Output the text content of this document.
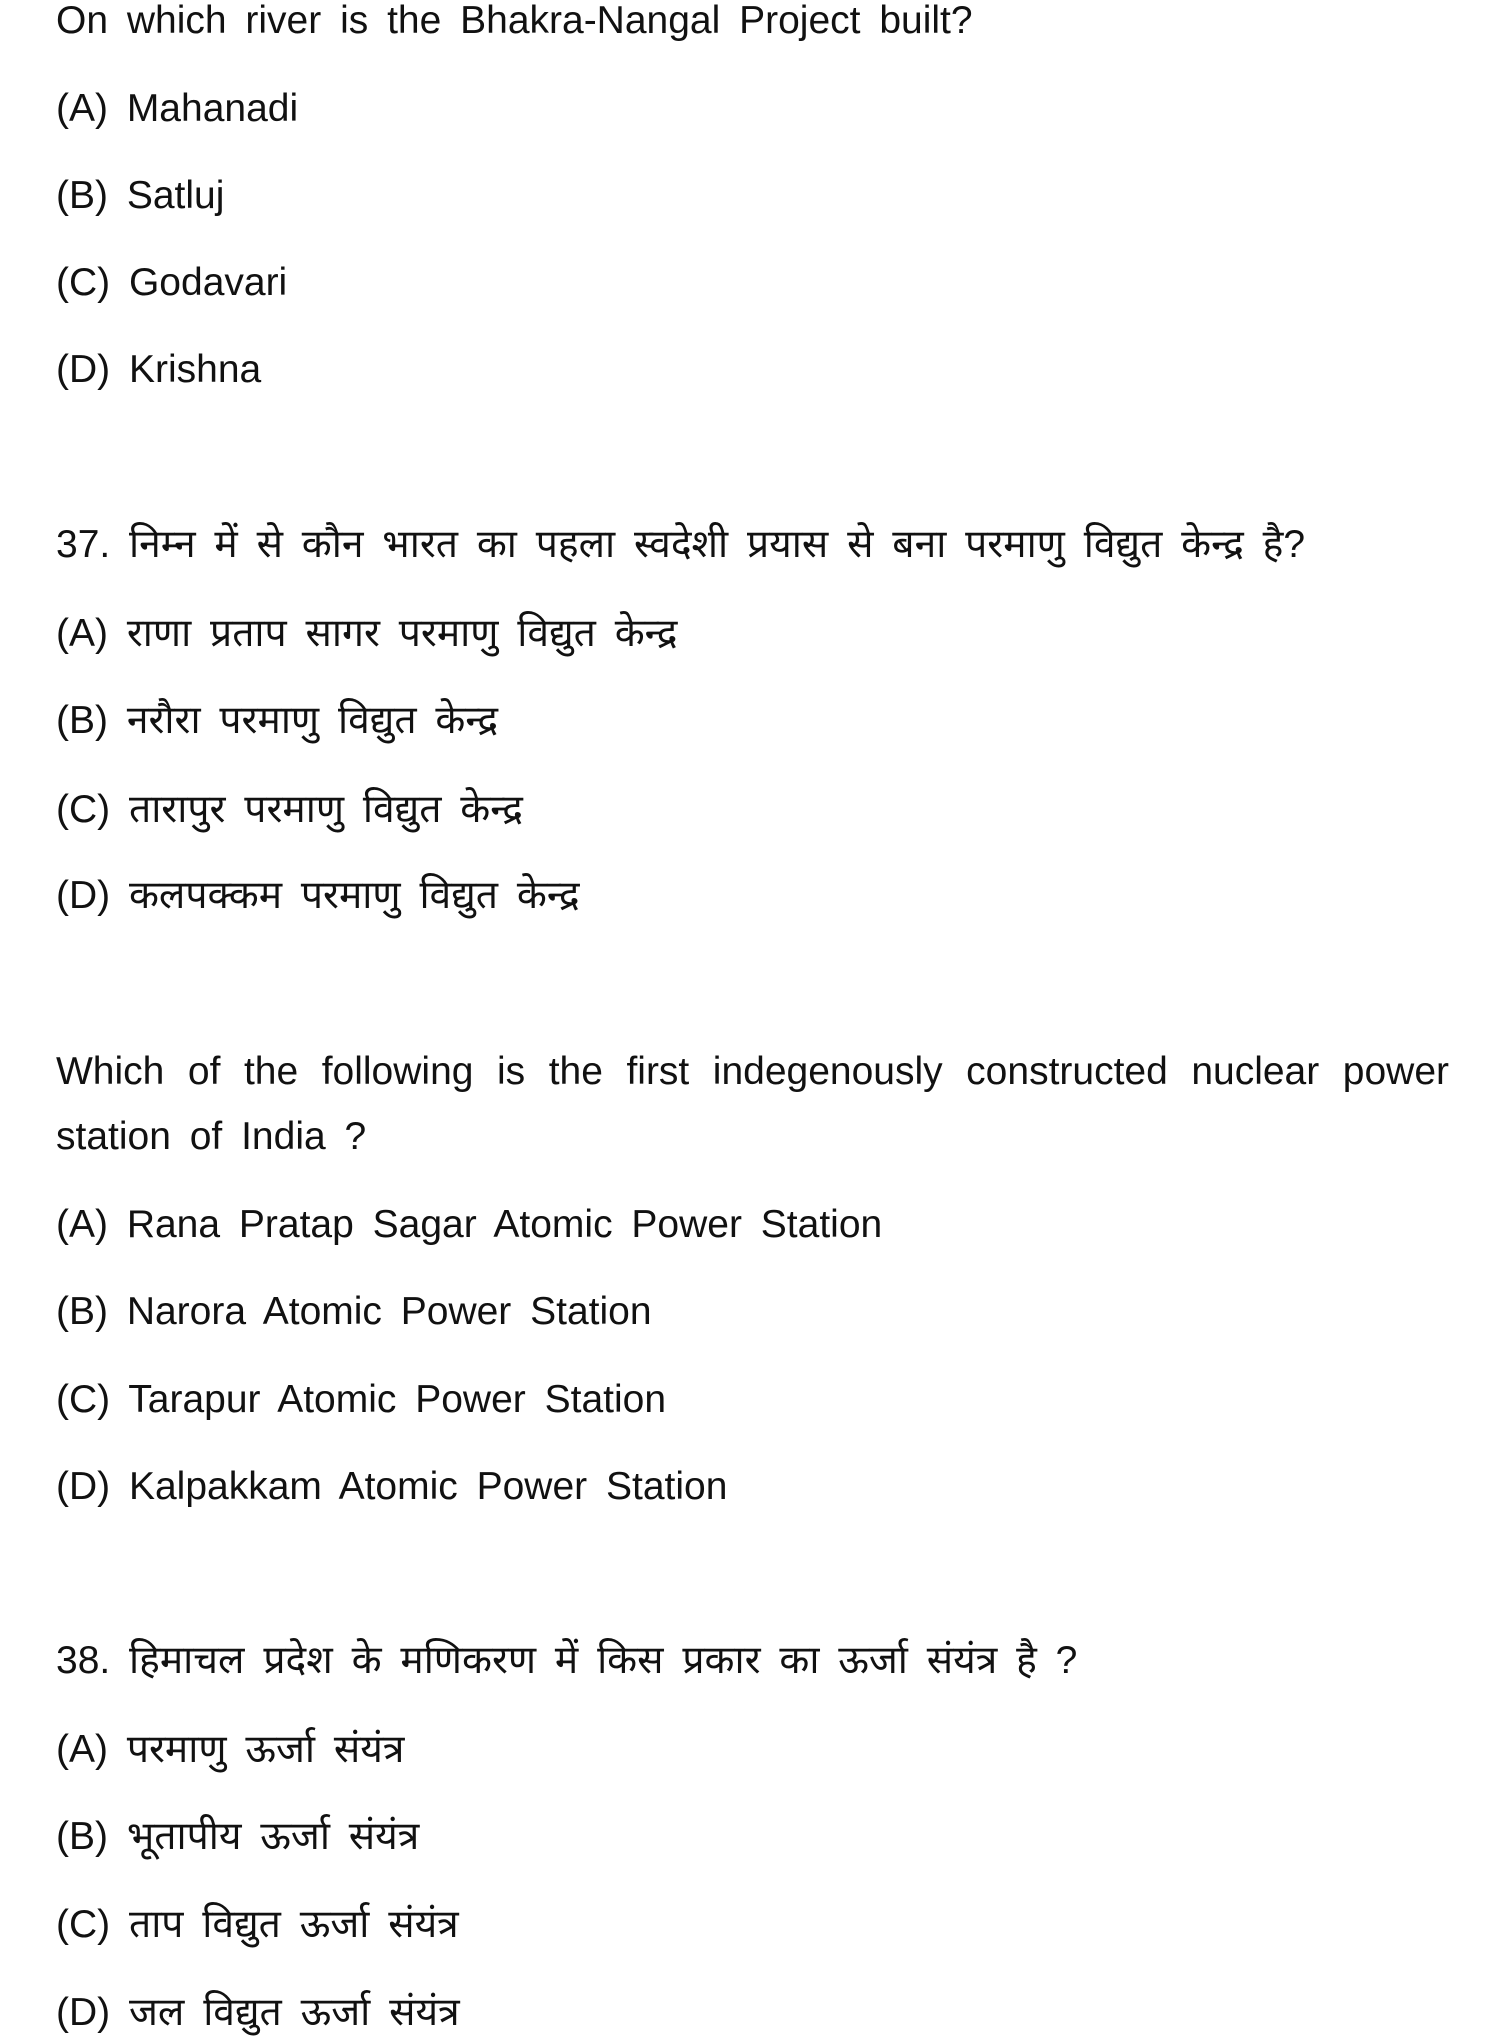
On which river is the Bhakra-Nangal Project built?
(A) Mahanadi
(B) Satluj
(C) Godavari
(D) Krishna
37. निम्न में से कौन भारत का पहला स्वदेशी प्रयास से बना परमाणु विद्युत केन्द्र है?
(A) राणा प्रताप सागर परमाणु विद्युत केन्द्र
(B) नरौरा परमाणु विद्युत केन्द्र
(C) तारापुर परमाणु विद्युत केन्द्र
(D) कलपक्कम परमाणु विद्युत केन्द्र
Which of the following is the first indegenously constructed nuclear power
station of India ?
(A) Rana Pratap Sagar Atomic Power Station
(B) Narora Atomic Power Station
(C) Tarapur Atomic Power Station
(D) Kalpakkam Atomic Power Station
38. हिमाचल प्रदेश के मणिकरण में किस प्रकार का ऊर्जा संयंत्र है ?
(A) परमाणु ऊर्जा संयंत्र
(B) भूतापीय ऊर्जा संयंत्र
(C) ताप विद्युत ऊर्जा संयंत्र
(D) जल विद्युत ऊर्जा संयंत्र
